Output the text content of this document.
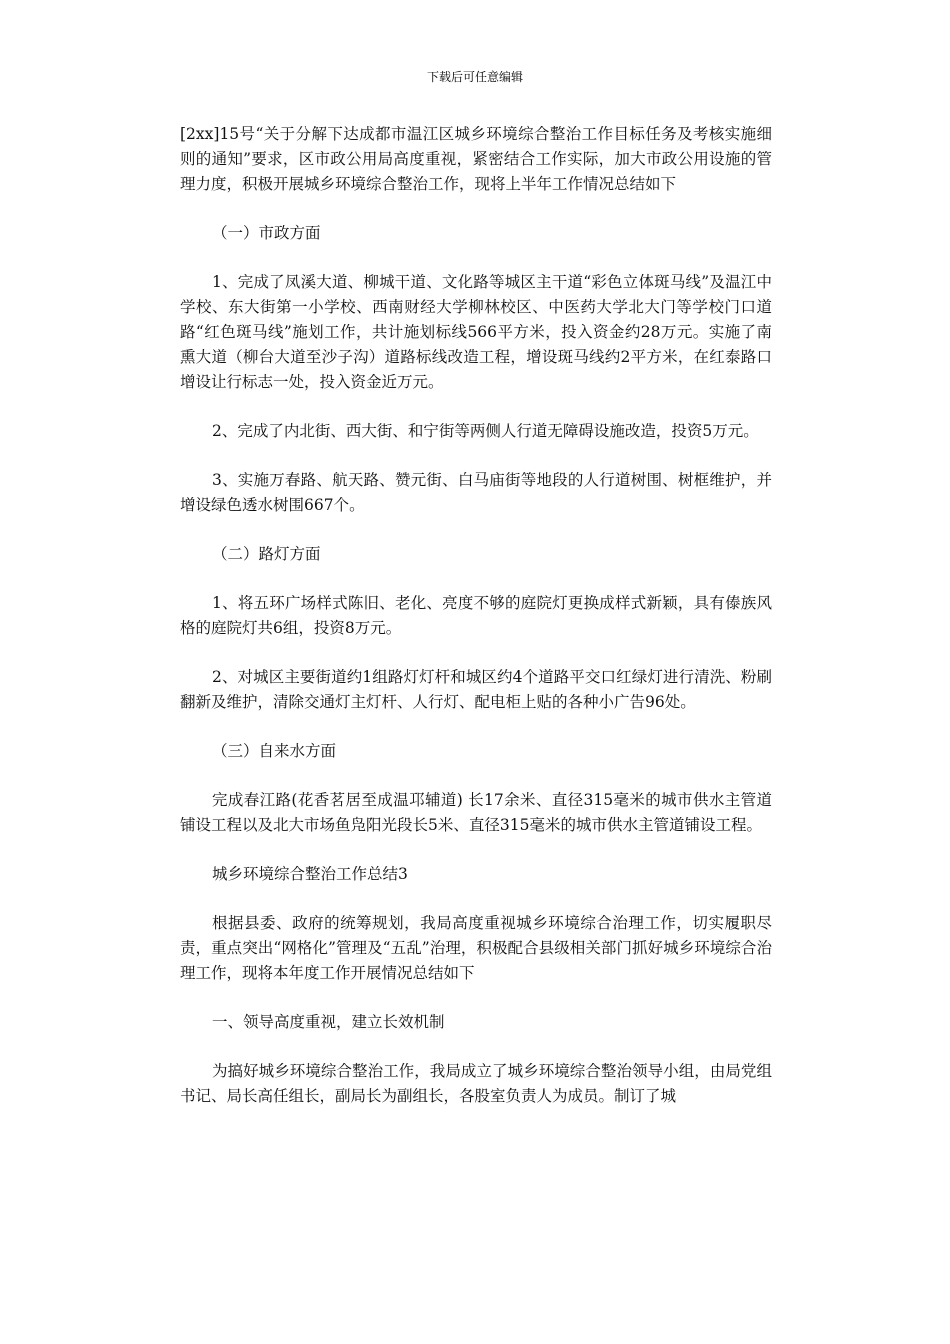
下载后可任意编辑

[2xx]15号“关于分解下达成都市温江区城乡环境综合整治工作目标任务及考核实施细则的通知”要求，区市政公用局高度重视，紧密结合工作实际，加大市政公用设施的管理力度，积极开展城乡环境综合整治工作，现将上半年工作情况总结如下

（一）市政方面

1、完成了凤溪大道、柳城干道、文化路等城区主干道“彩色立体斑马线”及温江中学校、东大街第一小学校、西南财经大学柳林校区、中医药大学北大门等学校门口道路“红色斑马线”施划工作，共计施划标线566平方米，投入资金约28万元。实施了南熏大道（柳台大道至沙子沟）道路标线改造工程，增设斑马线约2平方米，在红泰路口增设让行标志一处，投入资金近万元。

2、完成了内北街、西大街、和宁街等两侧人行道无障碍设施改造，投资5万元。

3、实施万春路、航天路、赞元街、白马庙街等地段的人行道树围、树框维护，并增设绿色透水树围667个。

（二）路灯方面

1、将五环广场样式陈旧、老化、亮度不够的庭院灯更换成样式新颖，具有傣族风格的庭院灯共6组，投资8万元。

2、对城区主要街道约1组路灯灯杆和城区约4个道路平交口红绿灯进行清洗、粉刷翻新及维护，清除交通灯主灯杆、人行灯、配电柜上贴的各种小广告96处。

（三）自来水方面

完成春江路(花香茗居至成温邛辅道) 长17余米、直径315毫米的城市供水主管道铺设工程以及北大市场鱼凫阳光段长5米、直径315毫米的城市供水主管道铺设工程。

城乡环境综合整治工作总结3

根据县委、政府的统筹规划，我局高度重视城乡环境综合治理工作，切实履职尽责，重点突出“网格化”管理及“五乱”治理，积极配合县级相关部门抓好城乡环境综合治理工作，现将本年度工作开展情况总结如下

一、领导高度重视，建立长效机制

为搞好城乡环境综合整治工作，我局成立了城乡环境综合整治领导小组，由局党组书记、局长高任组长，副局长为副组长，各股室负责人为成员。制订了城
